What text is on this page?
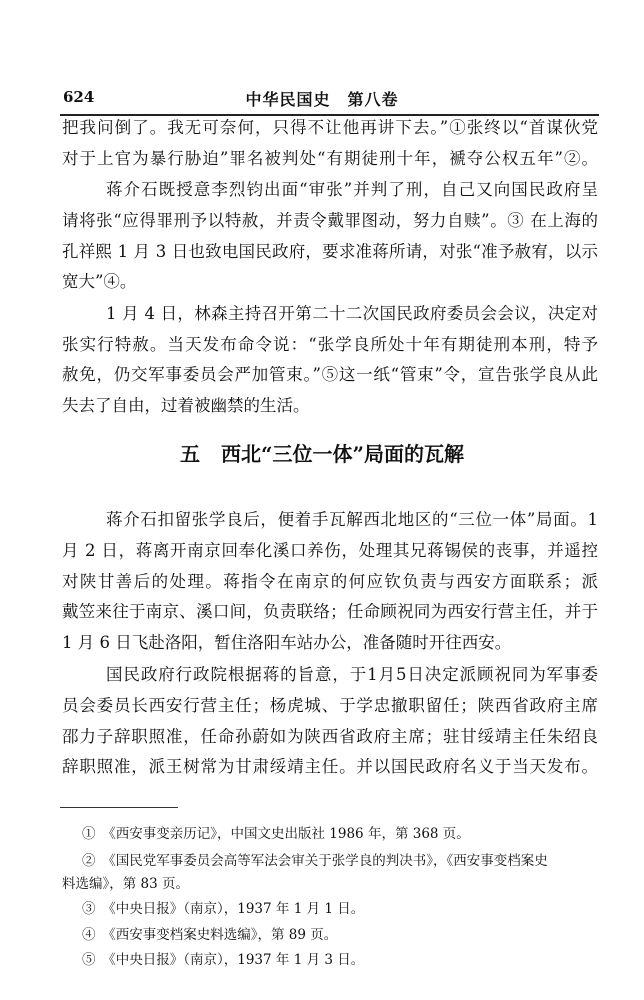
624	中华民国史　第八卷
把我问倒了。我无可奈何，只得不让他再讲下去。”①张终以“首谋伙党
对于上官为暴行胁迫”罪名被判处“有期徒刑十年，褫夺公权五年”②。
蒋介石既授意李烈钧出面“审张”并判了刑，自己又向国民政府呈
请将张“应得罪刑予以特赦，并责令戴罪图动，努力自赎”。③ 在上海的
孔祥熙 1 月 3 日也致电国民政府，要求准蒋所请，对张“准予赦宥，以示
宽大”④。
1 月 4 日，林森主持召开第二十二次国民政府委员会会议，决定对
张实行特赦。当天发布命令说：“张学良所处十年有期徒刑本刑，特予
赦免，仍交军事委员会严加管束。”⑤这一纸“管束”令，宣告张学良从此
失去了自由，过着被幽禁的生活。
五 西北“三位一体”局面的瓦解
蒋介石扣留张学良后，便着手瓦解西北地区的“三位一体”局面。1
月 2 日，蒋离开南京回奉化溪口养伤，处理其兄蒋锡侯的丧事，并遥控
对陕甘善后的处理。蒋指令在南京的何应钦负责与西安方面联系；派
戴笠来往于南京、溪口间，负责联络；任命顾祝同为西安行营主任，并于
1 月 6 日飞赴洛阳，暂住洛阳车站办公，准备随时开往西安。
国民政府行政院根据蒋的旨意，于1月5日决定派顾祝同为军事委
员会委员长西安行营主任；杨虎城、于学忠撤职留任；陕西省政府主席
邵力子辞职照准，任命孙蔚如为陕西省政府主席；驻甘绥靖主任朱绍良
辞职照准，派王树常为甘肃绥靖主任。并以国民政府名义于当天发布。
①　《西安事变亲历记》，中国文史出版社 1986 年，第 368 页。
②　《国民党军事委员会高等军法会审关于张学良的判决书》，《西安事变档案史
料选编》，第 83 页。
③　《中央日报》（南京），1937 年 1 月 1 日。
④　《西安事变档案史料选编》，第 89 页。
⑤　《中央日报》（南京），1937 年 1 月 3 日。
